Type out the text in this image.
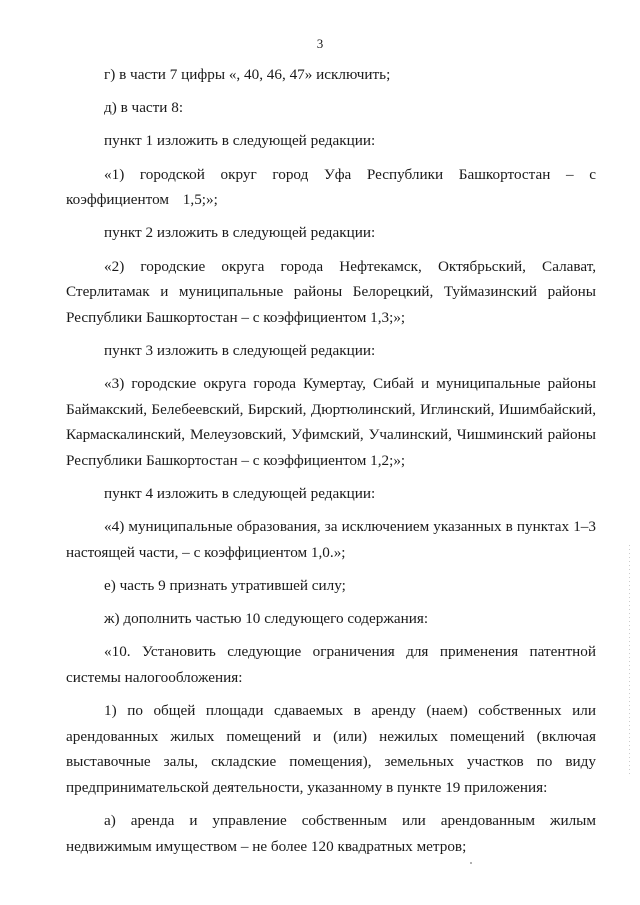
3

г) в части 7 цифры «, 40, 46, 47» исключить;

д) в части 8:

пункт 1 изложить в следующей редакции:

«1) городской округ город Уфа Республики Башкортостан – с коэффициентом 1,5;»;

пункт 2 изложить в следующей редакции:

«2) городские округа города Нефтекамск, Октябрьский, Салават, Стерлитамак и муниципальные районы Белорецкий, Туймазинский районы Республики Башкортостан – с коэффициентом 1,3;»;

пункт 3 изложить в следующей редакции:

«3) городские округа города Кумертау, Сибай и муниципальные районы Баймакский, Белебеевский, Бирский, Дюртюлинский, Иглинский, Ишимбайский, Кармаскалинский, Мелеузовский, Уфимский, Учалинский, Чишминский районы Республики Башкортостан – с коэффициентом 1,2;»;

пункт 4 изложить в следующей редакции:

«4) муниципальные образования, за исключением указанных в пунктах 1–3 настоящей части, – с коэффициентом 1,0.»;

е) часть 9 признать утратившей силу;

ж) дополнить частью 10 следующего содержания:

«10. Установить следующие ограничения для применения патентной системы налогообложения:

1) по общей площади сдаваемых в аренду (наем) собственных или арендованных жилых помещений и (или) нежилых помещений (включая выставочные залы, складские помещения), земельных участков по виду предпринимательской деятельности, указанному в пункте 19 приложения:

а) аренда и управление собственным или арендованным жилым недвижимым имуществом – не более 120 квадратных метров;
